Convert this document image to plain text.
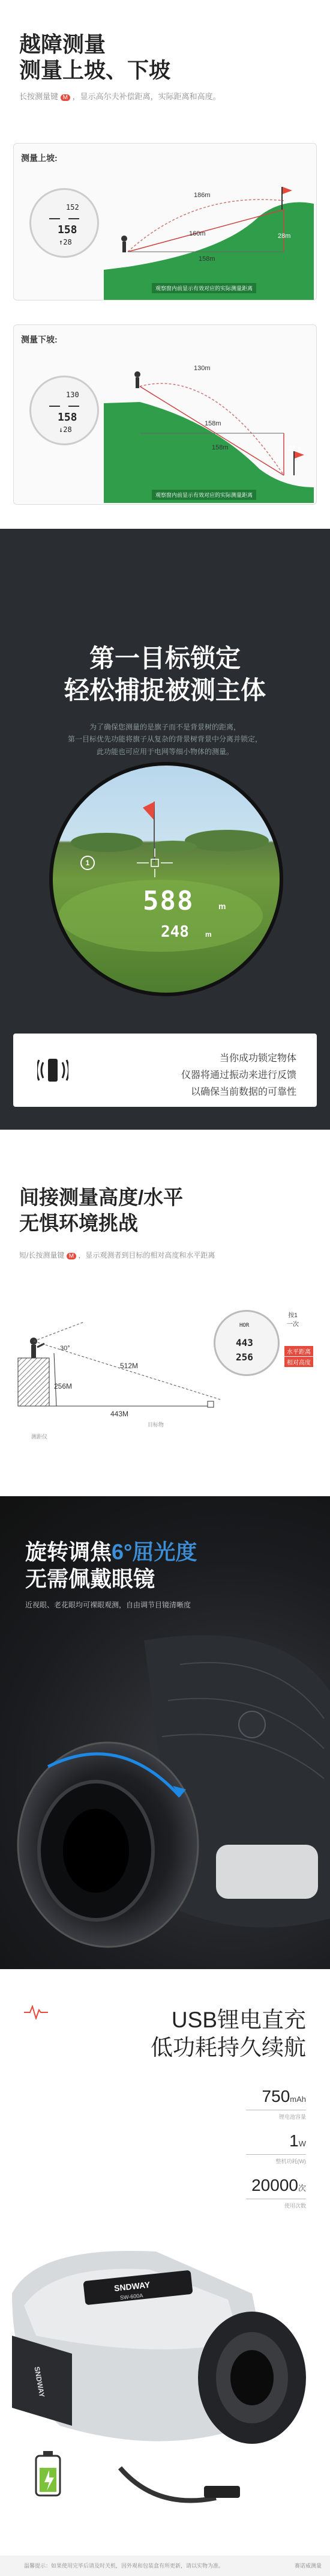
越障测量
测量上坡、下坡
长按测量键 M ，显示高尔夫补偿距离，实际距离和高度。
测量上坡:
152
158
↑28
186m
160m
158m
28m
观察窗内前显示有效对应的实际测量距离
测量下坡:
130
158
↓28
130m
158m
158m	28m
观察窗内前显示有效对应的实际测量距离
第一目标锁定
轻松捕捉被测主体
为了确保您测量的是旗子而不是背景树的距离，
第一目标优先功能将旗子从复杂的背景树背景中分离并锁定，
此功能也可应用于电网等细小物体的测量。
1
588	m
248 m
当你成功锁定物体
仪器将通过振动来进行反馈
以确保当前数据的可靠性
间接测量高度/水平
无惧环境挑战
短/长按测量键 M ，显示观测者到目标的相对高度和水平距离
30°
512M
256M
443M
测距仪
目标物
HOR
443
256
按1
一次
水平距离
相对高度
旋转调焦6°屈光度
无需佩戴眼镜
近视眼、老花眼均可裸眼观测，自由调节目镜清晰度
USB锂电直充
低功耗持久续航
750mAh
锂电池容量
1W
整机功耗(W)
20000次
使用次数
SNDWAY
SW-600A
SNDWAY
温馨提示：如果使用完毕后请及时关机，因外观和包装盒有所更新，请以实物为准。	赛诺威测量
